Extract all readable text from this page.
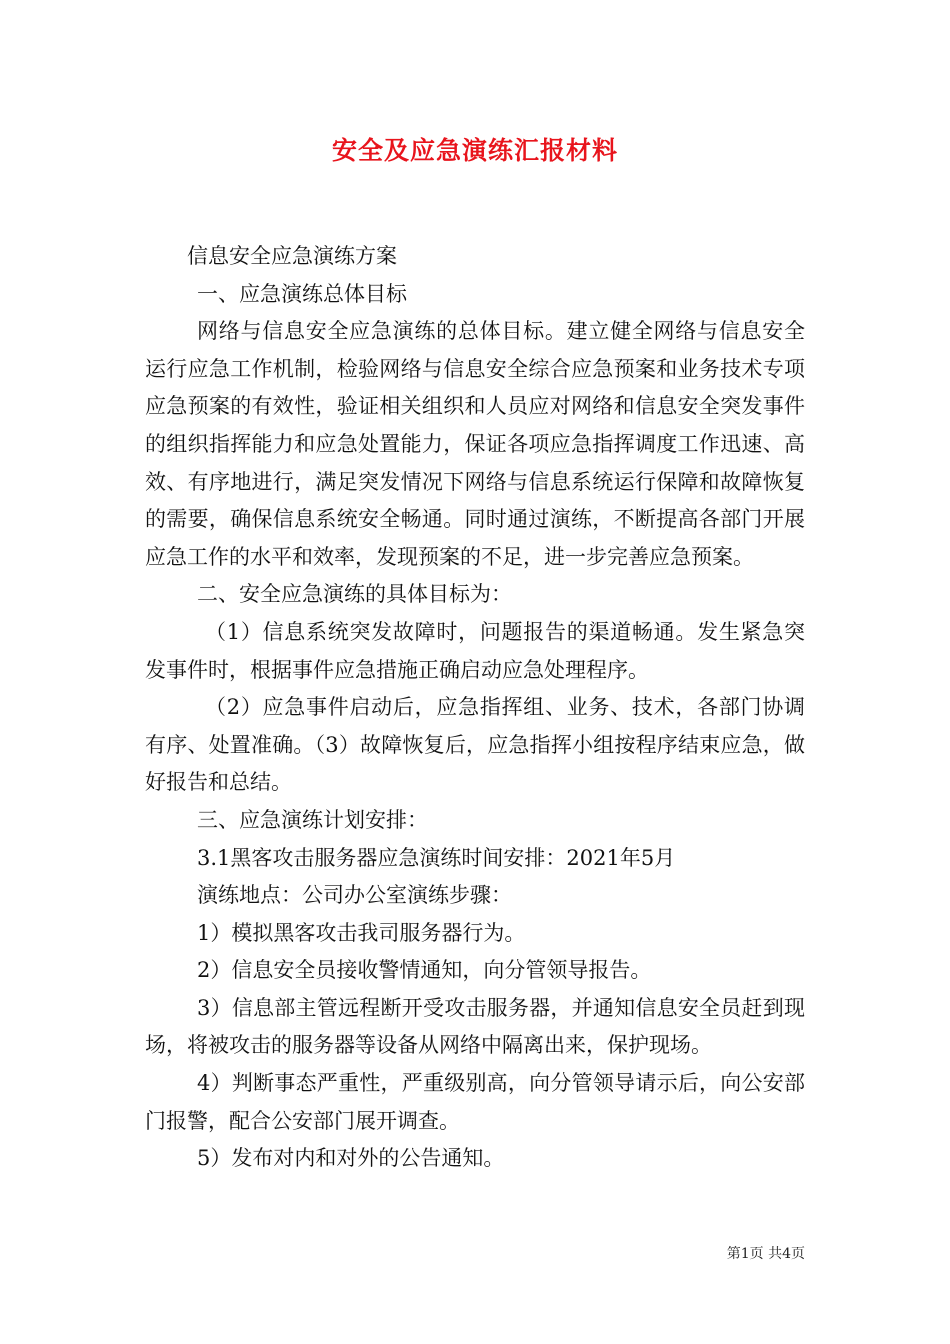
安全及应急演练汇报材料

信息安全应急演练方案

一、应急演练总体目标

网络与信息安全应急演练的总体目标。建立健全网络与信息安全运行应急工作机制，检验网络与信息安全综合应急预案和业务技术专项应急预案的有效性，验证相关组织和人员应对网络和信息安全突发事件的组织指挥能力和应急处置能力，保证各项应急指挥调度工作迅速、高效、有序地进行，满足突发情况下网络与信息系统运行保障和故障恢复的需要，确保信息系统安全畅通。同时通过演练，不断提高各部门开展应急工作的水平和效率，发现预案的不足，进一步完善应急预案。

二、安全应急演练的具体目标为：

（1）信息系统突发故障时，问题报告的渠道畅通。发生紧急突发事件时，根据事件应急措施正确启动应急处理程序。

（2）应急事件启动后，应急指挥组、业务、技术，各部门协调有序、处置准确。（3）故障恢复后，应急指挥小组按程序结束应急，做好报告和总结。

三、应急演练计划安排：

3.1黑客攻击服务器应急演练时间安排：2021年5月

演练地点：公司办公室演练步骤：

1）模拟黑客攻击我司服务器行为。

2）信息安全员接收警情通知，向分管领导报告。

3）信息部主管远程断开受攻击服务器，并通知信息安全员赶到现场，将被攻击的服务器等设备从网络中隔离出来，保护现场。

4）判断事态严重性，严重级别高，向分管领导请示后，向公安部门报警，配合公安部门展开调查。

5）发布对内和对外的公告通知。

第1页 共4页
